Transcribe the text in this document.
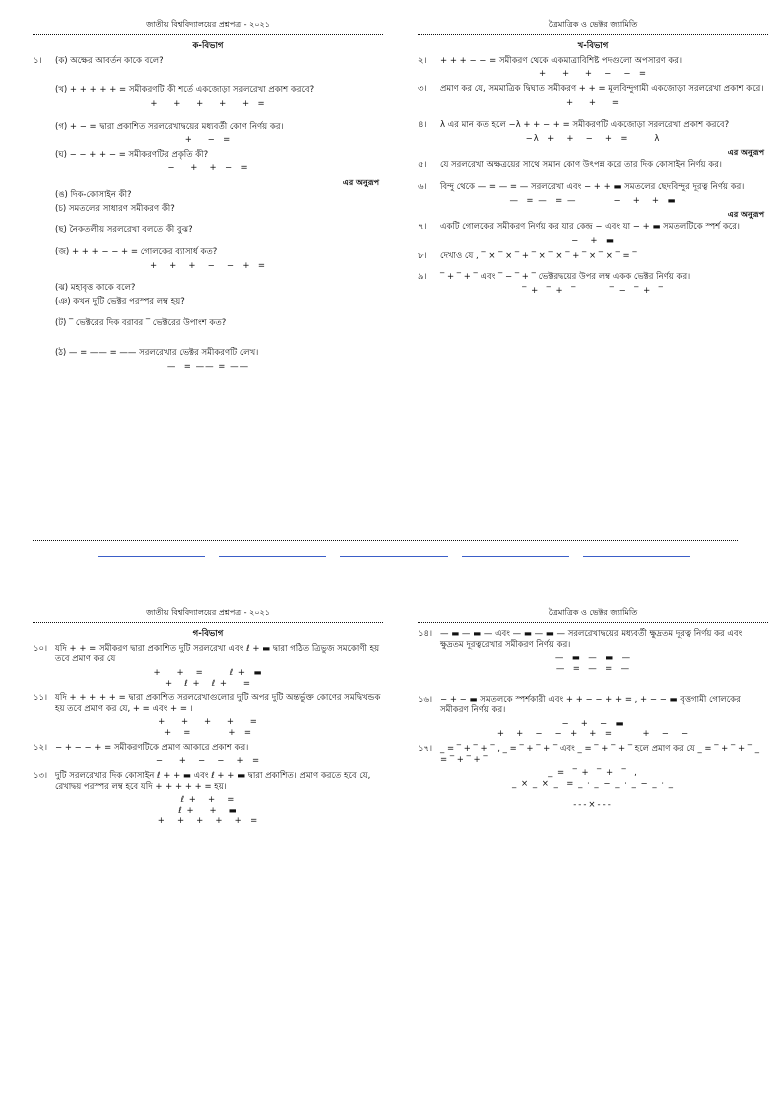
জাতীয় বিশ্ববিদ্যালয়ের প্রশ্নপত্র - ২০২১
ক-বিভাগ
১। (ক) অক্ষের আবর্তন কাকে বলে?
(খ) + + + + + = সমীকরণটি কী শর্তে একজোড়া সরলরেখা প্রকাশ করবে?
+    +    +    +    +  =
(গ) + − = দ্বারা প্রকাশিত সরলরেখাদ্বয়ের মধ্যবর্তী কোণ নির্ণয় কর।
+    −  =
(ঘ) − − + + − = সমীকরণটির প্রকৃতি কী?
−    +   +  −  =
এর অনুরূপ
(ঙ) দিক-কোসাইন কী?
(চ) সমতলের সাধারণ সমীকরণ কী?
(ছ) নৈকতলীয় সরলরেখা বলতে কী বুঝ?
(জ) + + + − − + = গোলকের ব্যাসার্ধ কত?
+   +   +   −   −  +  =
(ঝ) মহাবৃত্ত কাকে বলে?
(ঞ) কখন দুটি ভেক্টর পরস্পর লম্ব হয়?
(ট) ‾ ভেক্টরের দিক বরাবর ‾ ভেক্টরের উপাংশ কত?
(ঠ) — = —— = —— সরলরেখার ভেক্টর সমীকরণটি লেখ।
—  = —— = ——
ত্রৈমাত্রিক ও ভেক্টর জ্যামিতি
খ-বিভাগ
২। + + + − − = সমীকরণ থেকে একমাত্রাবিশিষ্ট পদগুলো অপসারণ কর।
+    +    +   −   −  =
৩। প্রমাণ কর যে, সমমাত্রিক দ্বিঘাত সমীকরণ + + = মূলবিন্দুগামী একজোড়া সরলরেখা প্রকাশ করে।
+    +    =
৪। λ এর মান কত হলে −λ + + − + = সমীকরণটি একজোড়া সরলরেখা প্রকাশ করবে?
−λ  +   +   −   +  =       λ
এর অনুরূপ
৫। যে সরলরেখা অক্ষত্রয়ের সাথে সমান কোণ উৎপন্ন করে তার দিক কোসাইন নির্ণয় কর।
৬। বিন্দু থেকে — = — = — সরলরেখা এবং − + + ▬ সমতলের ছেদবিন্দুর দূরত্ব নির্ণয় কর।
—  = —  = —          −   +   +  ▬
এর অনুরূপ
৭। একটি গোলকের সমীকরণ নির্ণয় কর যার কেন্দ্র − এবং যা − + ▬ সমতলটিকে স্পর্শ করে।
−   +  ▬
৮। দেখাও যে , ‾ × ‾ × ‾ + ‾ × ‾ × ‾ + ‾ × ‾ × ‾ = ‾
৯। ‾ + ‾ + ‾ এবং ‾ − ‾ + ‾ ভেক্টরদ্বয়ের উপর লম্ব একক ভেক্টর নির্ণয় কর।
‾ +  ‾ +  ‾         ‾ −  ‾ +  ‾
জাতীয় বিশ্ববিদ্যালয়ের প্রশ্নপত্র - ২০২১
গ-বিভাগ
১০। যদি + + = সমীকরণ দ্বারা প্রকাশিত দুটি সরলরেখা এবং ℓ + ▬ দ্বারা গঠিত ত্রিভুজ সমকোণী হয় তবে প্রমাণ কর যে
+    +   =       ℓ +  ▬
+   ℓ +   ℓ +    =
১১। যদি + + + + + = দ্বারা প্রকাশিত সরলরেখাগুলোর দুটি অপর দুটি অন্তর্ভুক্ত কোণের সমদ্বিখন্ডক হয় তবে প্রমাণ কর যে, + = এবং + = ।
+    +    +    +    =
+   =          +  =
১২। − + − − + = সমীকরণটিকে প্রমাণ আকারে প্রকাশ কর।
−    +   −   −   +  =
১৩। দুটি সরলরেখার দিক কোসাইন ℓ + + ▬ এবং ℓ + + ▬ দ্বারা প্রকাশিত। প্রমাণ করতে হবে যে, রেখাদ্বয় পরস্পর লম্ব হবে যদি + + + + + = হয়।
ℓ +   +   =
ℓ +    +   ▬
+   +   +   +   +  =
ত্রৈমাত্রিক ও ভেক্টর জ্যামিতি
১৪। — ▬ — ▬ — এবং — ▬ — ▬ — সরলরেখাদ্বয়ের মধ্যবর্তী ক্ষুদ্রতম দূরত্ব নির্ণয় কর এবং ক্ষুদ্রতম দূরত্বরেখার সমীকরণ নির্ণয় কর।
—  ▬  —  ▬  —
—  =  —  =  —
১৬। − + − ▬ সমতলকে স্পর্শকারী এবং + + − − + + = , + − − ▬ বৃত্তগামী গোলকের সমীকরণ নির্ণয় কর।
−   +   −  ▬
+   +   −   −  +   +  =        +   −   −
১৭। _ = ‾ + ‾ + ‾ , _ = ‾ + ‾ + ‾ এবং _ = ‾ + ‾ + ‾ হলে প্রমাণ কর যে _ = ‾ + ‾ + ‾ _ = ‾ + ‾ + ‾
_ =  ‾ +  ‾ +  ‾  ,
_ × _ × _  = _ ⋅ _ − _ ⋅ _ − _ ⋅ _
---×---
